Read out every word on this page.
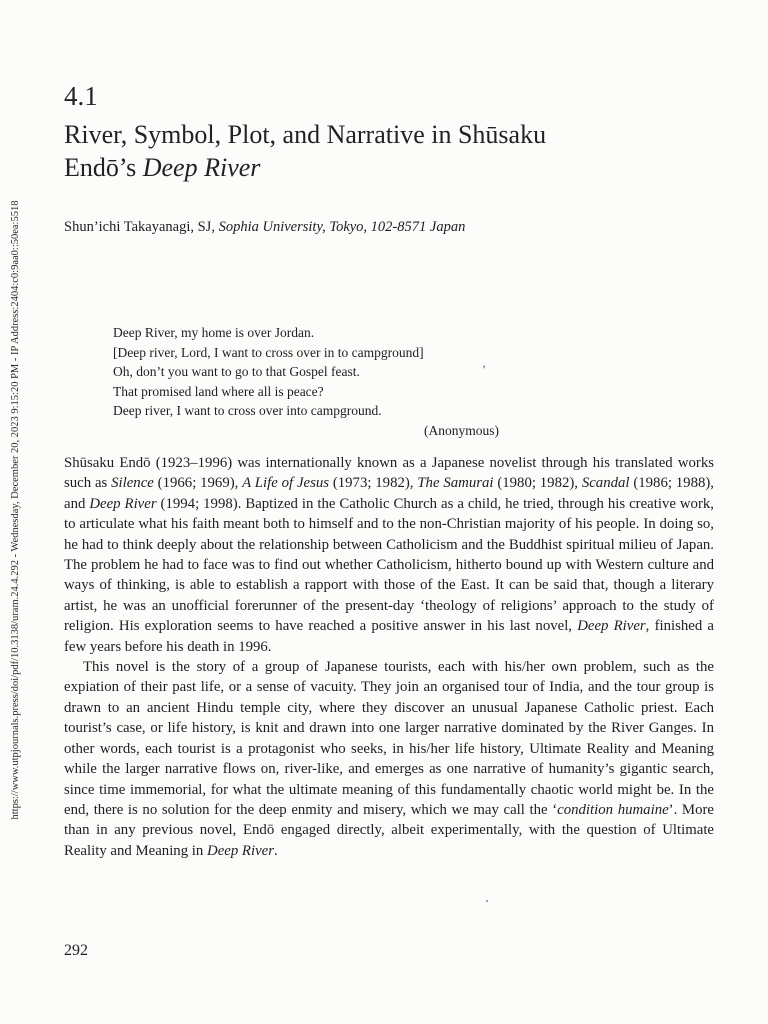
https://www.utpjournals.press/doi/pdf/10.3138/uram.24.4.292 - Wednesday, December 20, 2023 9:15:20 PM - IP Address:2404:c0:9aa0::50ea:5518
4.1
River, Symbol, Plot, and Narrative in Shūsaku
Endō’s Deep River
Shun’ichi Takayanagi, SJ, Sophia University, Tokyo, 102-8571 Japan
Deep River, my home is over Jordan.
[Deep river, Lord, I want to cross over in to campground]
Oh, don’t you want to go to that Gospel feast.
That promised land where all is peace?
Deep river, I want to cross over into campground.
(Anonymous)
’

Shūsaku Endō (1923–1996) was internationally known as a Japanese novelist through his translated works such as Silence (1966; 1969), A Life of Jesus (1973; 1982), The Samurai (1980; 1982), Scandal (1986; 1988), and Deep River (1994; 1998). Baptized in the Catholic Church as a child, he tried, through his creative work, to articulate what his faith meant both to himself and to the non-Christian majority of his people. In doing so, he had to think deeply about the relationship between Catholicism and the Buddhist spiritual milieu of Japan. The problem he had to face was to find out whether Catholicism, hitherto bound up with Western culture and ways of thinking, is able to establish a rapport with those of the East. It can be said that, though a literary artist, he was an unofficial forerunner of the present-day ‘theology of religions’ approach to the study of religion. His exploration seems to have reached a positive answer in his last novel, Deep River, finished a few years before his death in 1996.

This novel is the story of a group of Japanese tourists, each with his/her own problem, such as the expiation of their past life, or a sense of vacuity. They join an organised tour of India, and the tour group is drawn to an ancient Hindu temple city, where they discover an unusual Japanese Catholic priest. Each tourist’s case, or life history, is knit and drawn into one larger narrative dominated by the River Ganges. In other words, each tourist is a protagonist who seeks, in his/her life history, Ultimate Reality and Meaning while the larger narrative flows on, river-like, and emerges as one narrative of humanity’s gigantic search, since time immemorial, for what the ultimate meaning of this fundamentally chaotic world might be. In the end, there is no solution for the deep enmity and misery, which we may call the ‘condition humaine’. More than in any previous novel, Endō engaged directly, albeit experimentally, with the question of Ultimate Reality and Meaning in Deep River.

292
